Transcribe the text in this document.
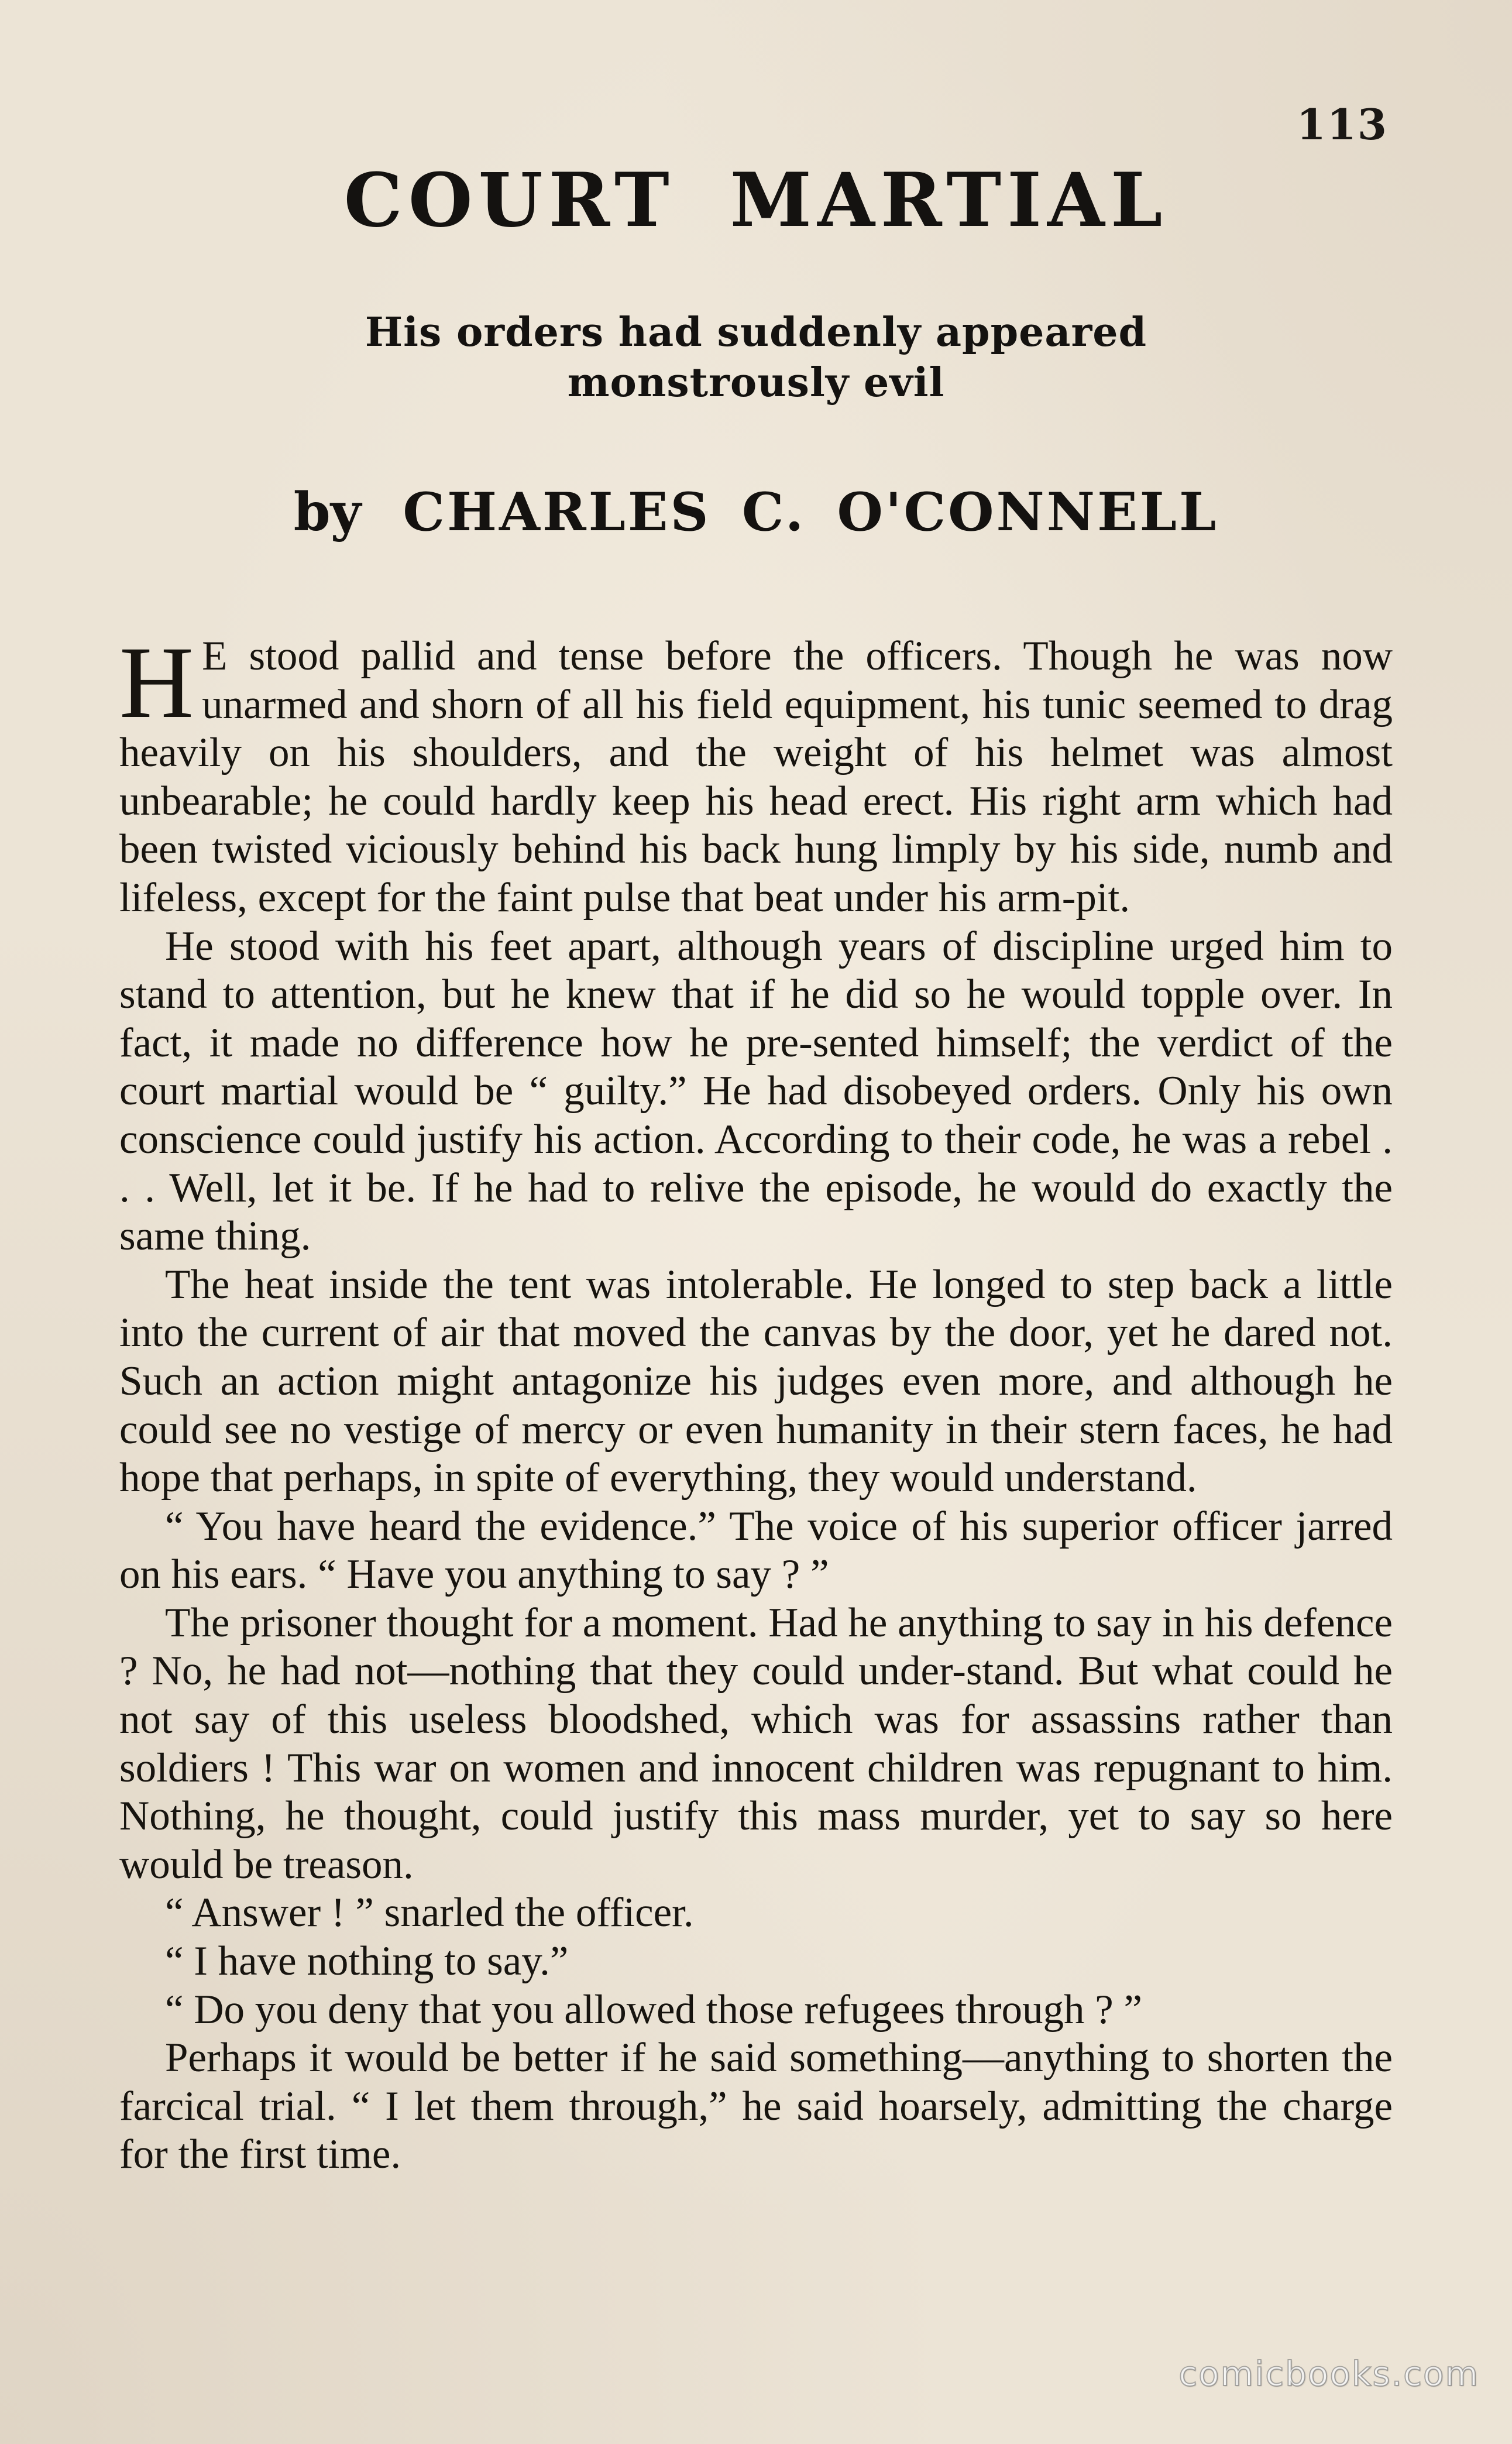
113
COURT MARTIAL
His orders had suddenly appeared
monstrously evil
by CHARLES C. O'CONNELL

H E stood pallid and tense before the officers. Though he was now unarmed and shorn of all his field equipment, his tunic seemed to drag heavily on his shoulders, and the weight of his helmet was almost unbearable; he could hardly keep his head erect. His right arm which had been twisted viciously behind his back hung limply by his side, numb and lifeless, except for the faint pulse that beat under his arm-pit.

He stood with his feet apart, although years of discipline urged him to stand to attention, but he knew that if he did so he would topple over. In fact, it made no difference how he pre-sented himself; the verdict of the court martial would be “ guilty.” He had disobeyed orders. Only his own conscience could justify his action. According to their code, he was a rebel . . . Well, let it be. If he had to relive the episode, he would do exactly the same thing.

The heat inside the tent was intolerable. He longed to step back a little into the current of air that moved the canvas by the door, yet he dared not. Such an action might antagonize his judges even more, and although he could see no vestige of mercy or even humanity in their stern faces, he had hope that perhaps, in spite of everything, they would understand.

“ You have heard the evidence.” The voice of his superior officer jarred on his ears. “ Have you anything to say ? ”

The prisoner thought for a moment. Had he anything to say in his defence ? No, he had not—nothing that they could under-stand. But what could he not say of this useless bloodshed, which was for assassins rather than soldiers ! This war on women and innocent children was repugnant to him. Nothing, he thought, could justify this mass murder, yet to say so here would be treason.

“ Answer ! ” snarled the officer.

“ I have nothing to say.”

“ Do you deny that you allowed those refugees through ? ”

Perhaps it would be better if he said something—anything to shorten the farcical trial. “ I let them through,” he said hoarsely, admitting the charge for the first time.

comicbooks.com
